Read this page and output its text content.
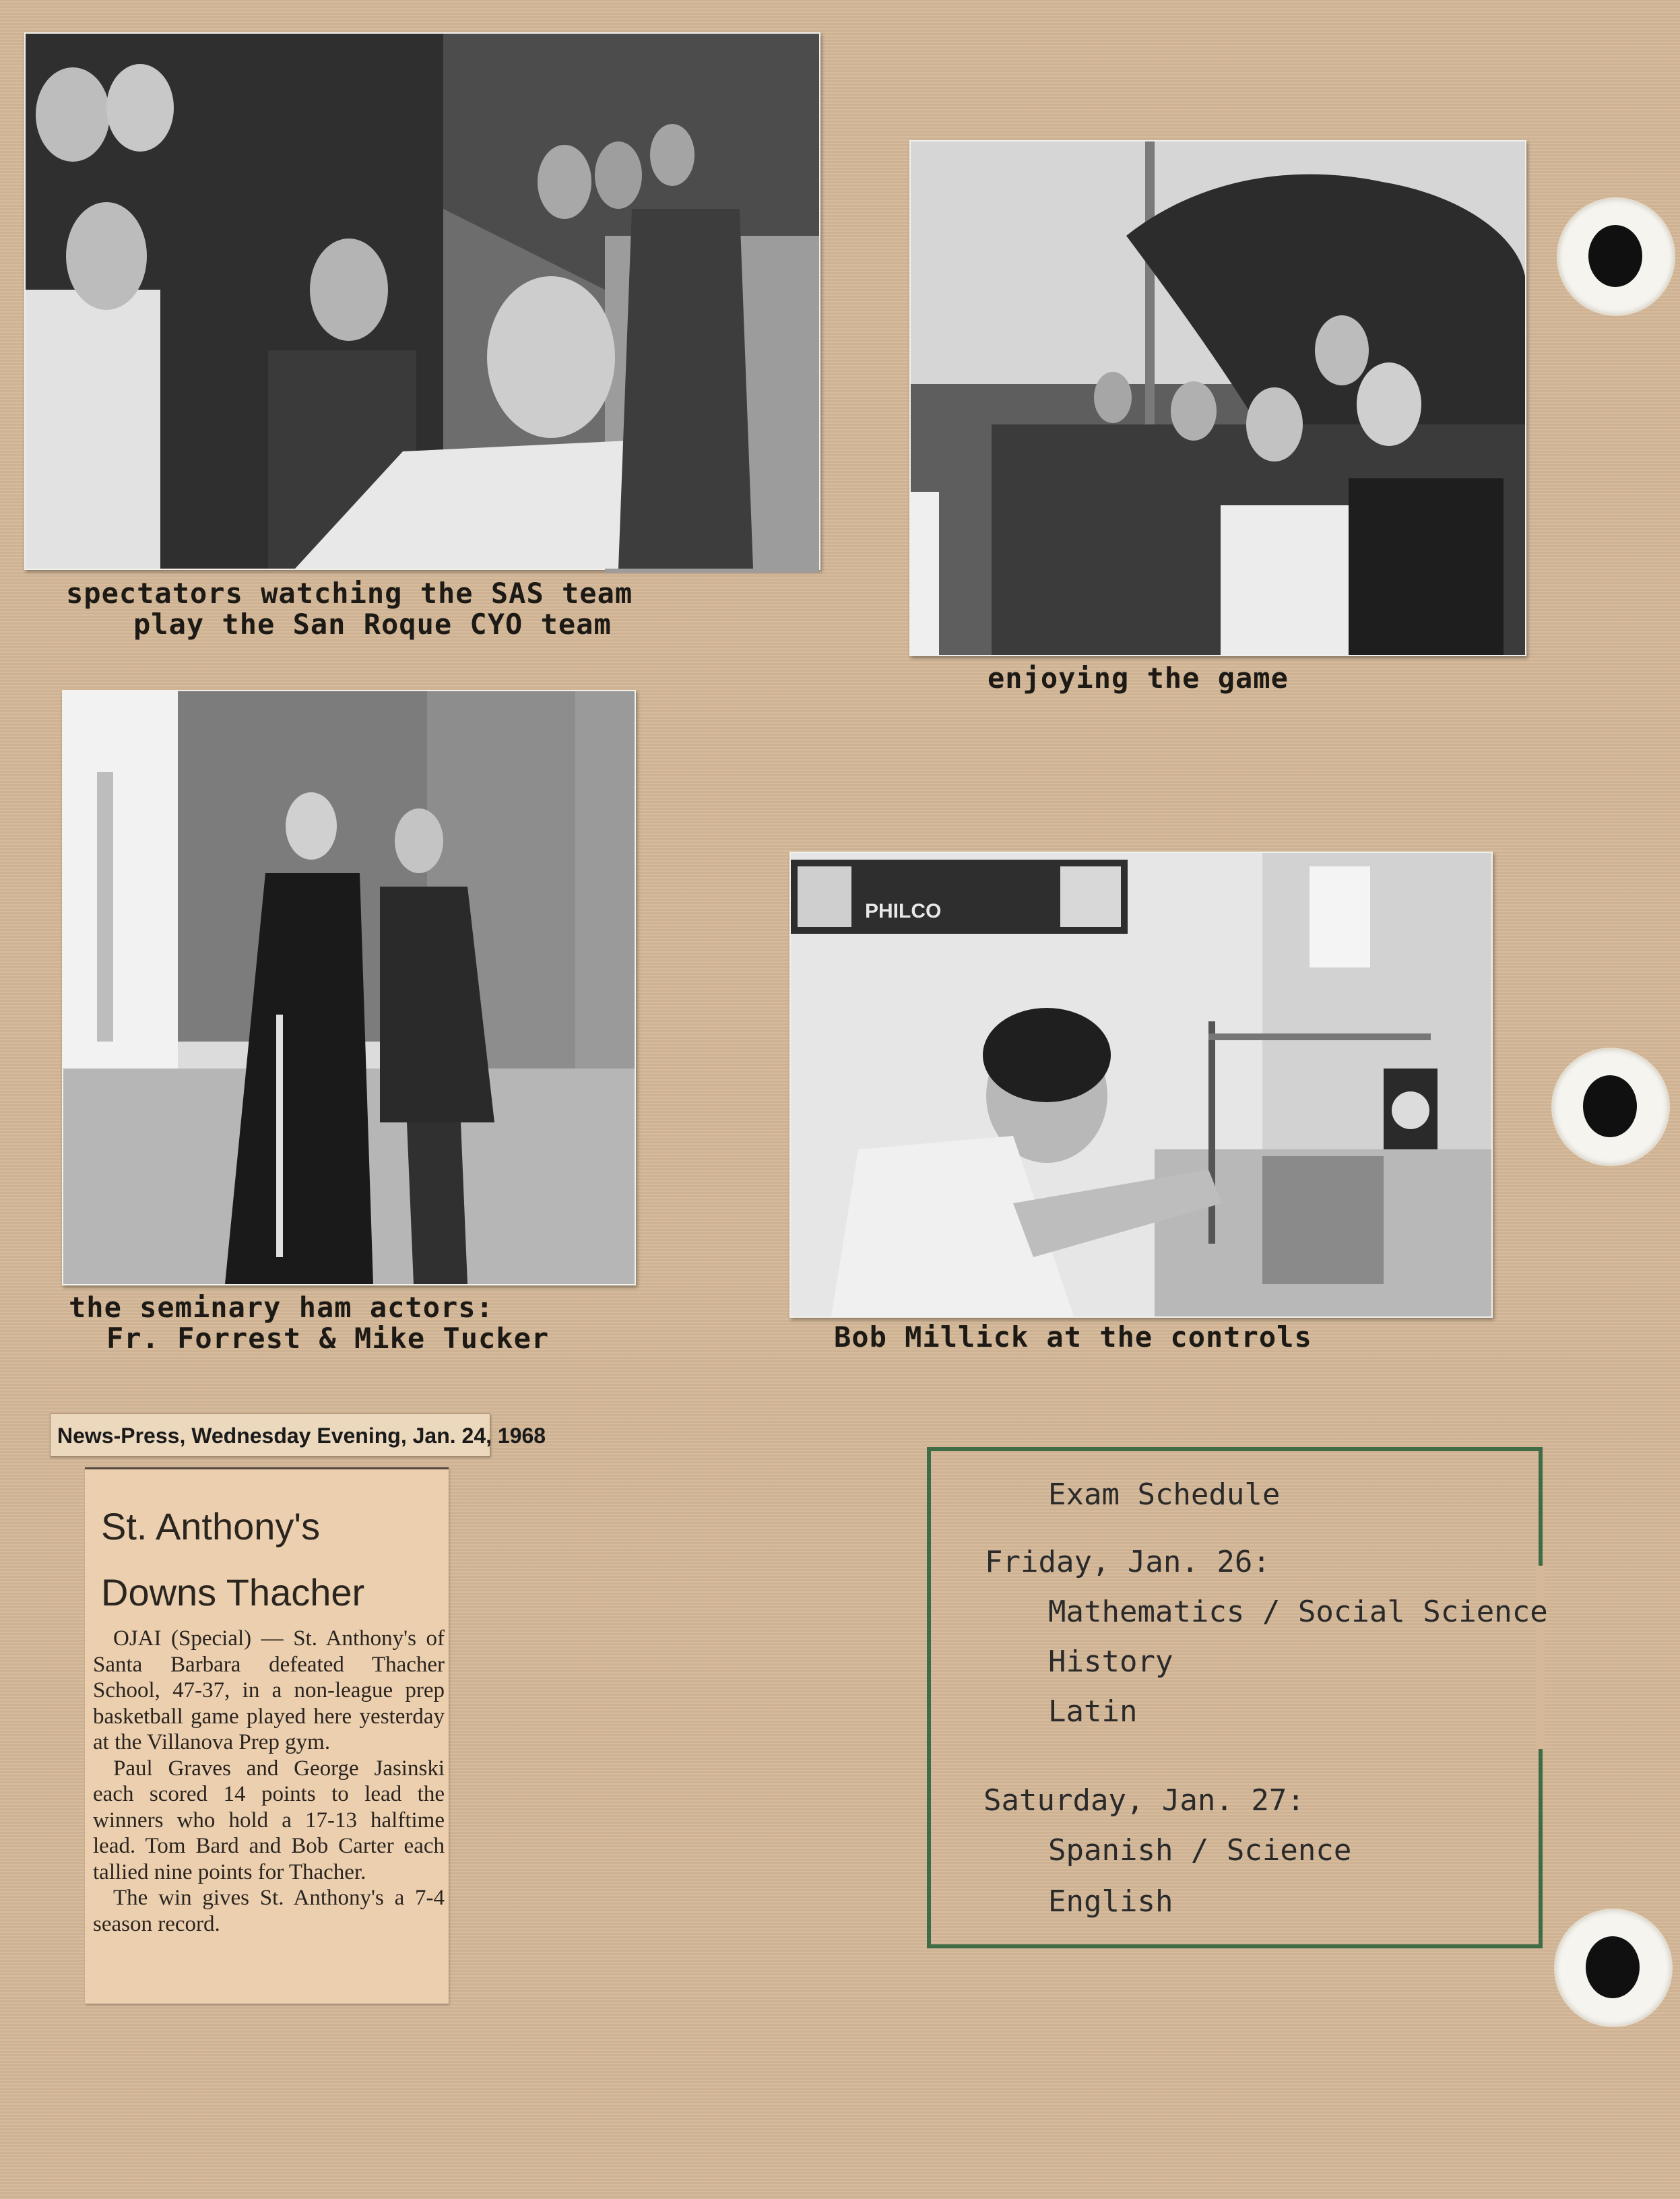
spectators watching the SAS team

play the San Roque CYO team

enjoying the game

the seminary ham actors:

Fr. Forrest & Mike Tucker

PHILCO

Bob Millick at the controls

News-Press, Wednesday Evening, Jan. 24, 1968
St. Anthony's
Downs Thacher

OJAI (Special) — St. Anthony's of Santa Barbara defeated Thacher School, 47-37, in a non-league prep basketball game played here yesterday at the Villanova Prep gym.

Paul Graves and George Jasinski each scored 14 points to lead the winners who hold a 17-13 halftime lead. Tom Bard and Bob Carter each tallied nine points for Thacher.

The win gives St. Anthony's a 7-4 season record.

Exam Schedule

Friday, Jan. 26:

Mathematics / Social Science

History

Latin

Saturday, Jan. 27:

Spanish / Science

English
